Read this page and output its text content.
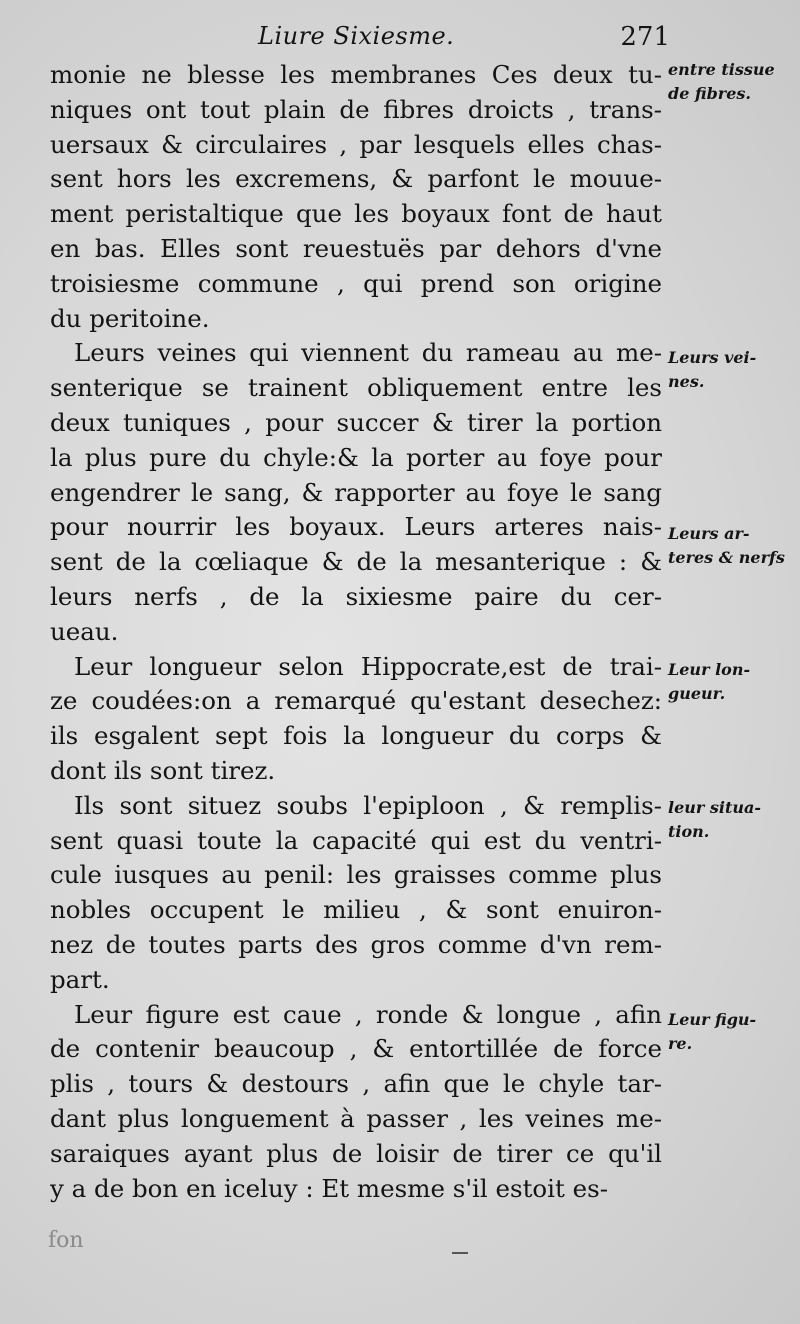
Liure Sixiesme.	271
monie ne blesse les membranes Ces deux tu-
niques ont tout plain de fibres droicts , trans-
uersaux & circulaires , par lesquels elles chas-
sent hors les excremens, & parfont le mouue-
ment peristaltique que les boyaux font de haut
en bas. Elles sont reuestuës par dehors d'vne
troisiesme commune , qui prend son origine
du peritoine.
Leurs veines qui viennent du rameau au me-
senterique se trainent obliquement entre les
deux tuniques , pour succer & tirer la portion
la plus pure du chyle:& la porter au foye pour
engendrer le sang, & rapporter au foye le sang
pour nourrir les boyaux. Leurs arteres nais-
sent de la cœliaque & de la mesanterique : &
leurs nerfs , de la sixiesme paire du cer-
ueau.
Leur longueur selon Hippocrate,est de trai-
ze coudées:on a remarqué qu'estant desechez:
ils esgalent sept fois la longueur du corps &
dont ils sont tirez.
Ils sont situez soubs l'epiploon , & remplis-
sent quasi toute la capacité qui est du ventri-
cule iusques au penil: les graisses comme plus
nobles occupent le milieu , & sont enuiron-
nez de toutes parts des gros comme d'vn rem-
part.
Leur figure est caue , ronde & longue , afin
de contenir beaucoup , & entortillée de force
plis , tours & destours , afin que le chyle tar-
dant plus longuement à passer , les veines me-
saraiques ayant plus de loisir de tirer ce qu'il
y a de bon en iceluy : Et mesme s'il estoit es-
entre tissue
de fibres.
Leurs vei-
nes.
Leurs ar-
teres & nerfs
Leur lon-
gueur.
leur situa-
tion.
Leur figu-
re.
fon
